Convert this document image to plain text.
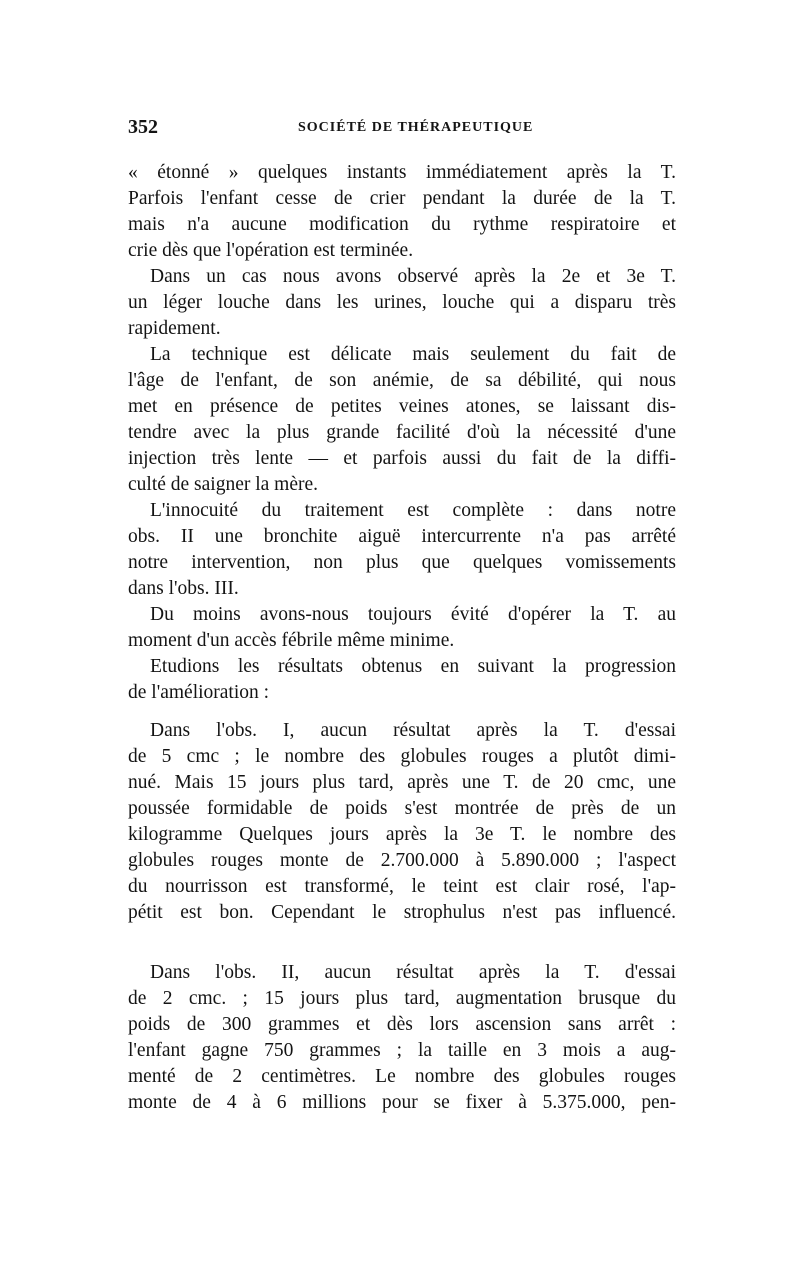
352	SOCIÉTÉ DE THÉRAPEUTIQUE
« étonné » quelques instants immédiatement après la T.
Parfois l'enfant cesse de crier pendant la durée de la T.
mais n'a aucune modification du rythme respiratoire et
crie dès que l'opération est terminée.
Dans un cas nous avons observé après la 2e et 3e T.
un léger louche dans les urines, louche qui a disparu très
rapidement.
La technique est délicate mais seulement du fait de
l'âge de l'enfant, de son anémie, de sa débilité, qui nous
met en présence de petites veines atones, se laissant dis-
tendre avec la plus grande facilité d'où la nécessité d'une
injection très lente — et parfois aussi du fait de la diffi-
culté de saigner la mère.
L'innocuité du traitement est complète : dans notre
obs. II une bronchite aiguë intercurrente n'a pas arrêté
notre intervention, non plus que quelques vomissements
dans l'obs. III.
Du moins avons-nous toujours évité d'opérer la T. au
moment d'un accès fébrile même minime.
Etudions les résultats obtenus en suivant la progression
de l'amélioration :
Dans l'obs. I, aucun résultat après la T. d'essai
de 5 cmc ; le nombre des globules rouges a plutôt dimi-
nué. Mais 15 jours plus tard, après une T. de 20 cmc, une
poussée formidable de poids s'est montrée de près de un
kilogramme Quelques jours après la 3e T. le nombre des
globules rouges monte de 2.700.000 à 5.890.000 ; l'aspect
du nourrisson est transformé, le teint est clair rosé, l'ap-
pétit est bon. Cependant le strophulus n'est pas influencé.
Dans l'obs. II, aucun résultat après la T. d'essai
de 2 cmc. ; 15 jours plus tard, augmentation brusque du
poids de 300 grammes et dès lors ascension sans arrêt :
l'enfant gagne 750 grammes ; la taille en 3 mois a aug-
menté de 2 centimètres. Le nombre des globules rouges
monte de 4 à 6 millions pour se fixer à 5.375.000, pen-
